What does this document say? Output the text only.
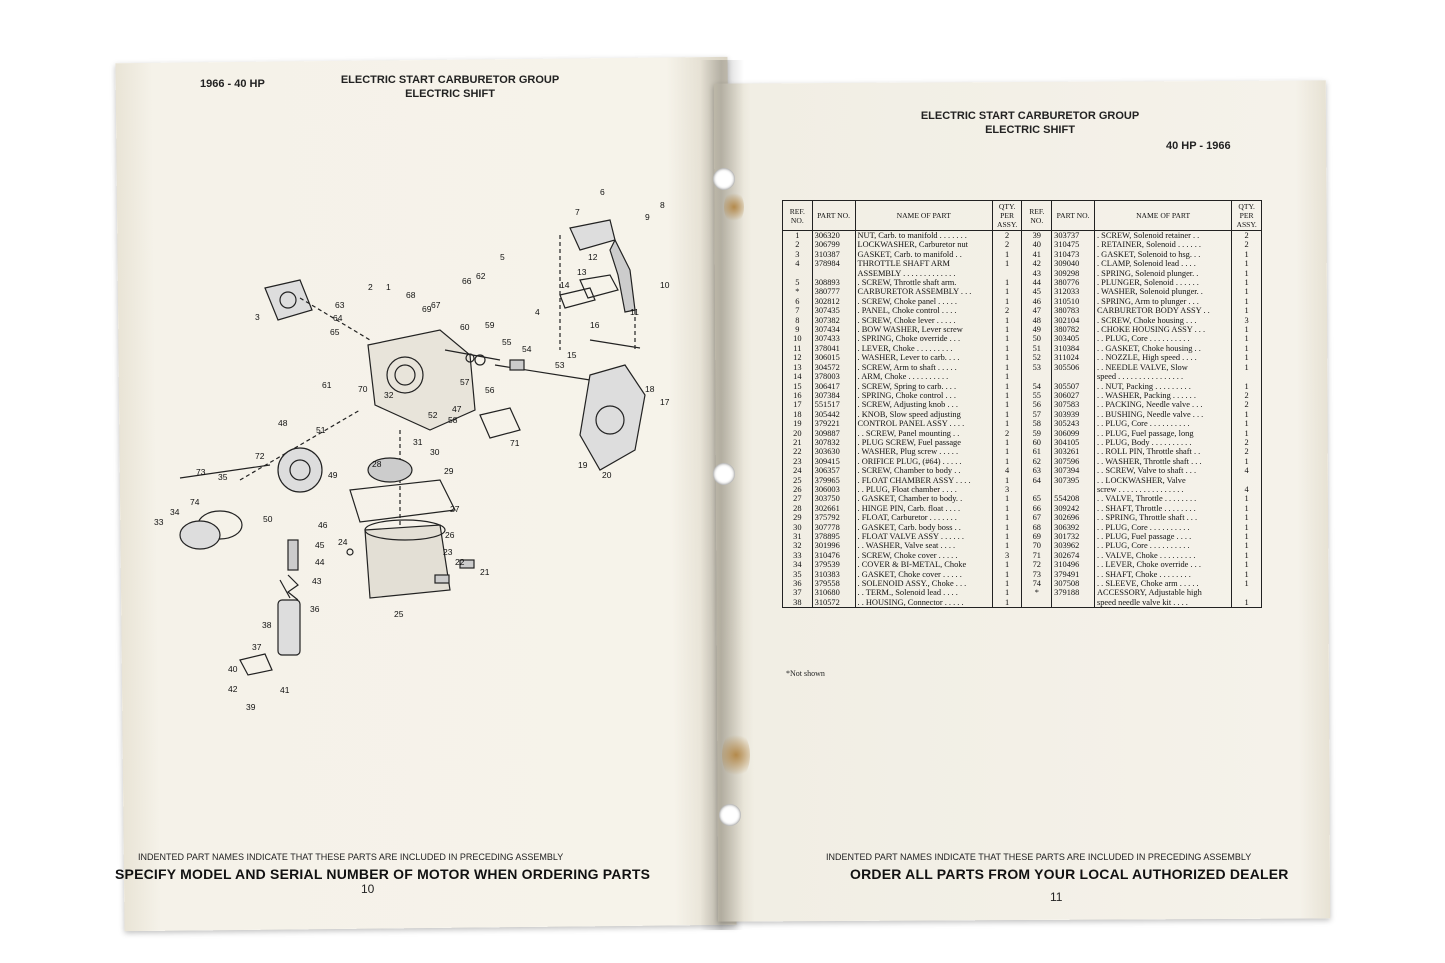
1966 - 40 HP	ELECTRIC START CARBURETOR GROUP
ELECTRIC SHIFT
1
2
3	4
5
6
7
8
9
10
11
12
13
14
15
16
17
18
19
20
21
22
23
24
25
26
27
28
29
30
31
32
33
34
35
36
37
38
39
40
41
42
43
44
45
46
47
48
49
50
51
52
53
54
55
56
57
58
59
60
61
62
63
64
65
66
67
68
69
70
71
72
73
74
INDENTED PART NAMES INDICATE THAT THESE PARTS ARE INCLUDED IN PRECEDING ASSEMBLY
SPECIFY MODEL AND SERIAL NUMBER OF MOTOR WHEN ORDERING PARTS
10
ELECTRIC START CARBURETOR GROUP
ELECTRIC SHIFT
40 HP - 1966
REF. NO.	PART NO.	NAME OF PART	QTY. PER ASSY.	REF. NO.	PART NO.	NAME OF PART	QTY. PER ASSY.
1	306320	NUT, Carb. to manifold . . . . . . .	2	39	303737	. SCREW, Solenoid retainer . .	2
2	306799	LOCKWASHER, Carburetor nut	2	40	310475	. RETAINER, Solenoid . . . . . .	2
3	310387	GASKET, Carb. to manifold . .	1	41	310473	. GASKET, Solenoid to hsg. . .	1
4	378984	THROTTLE SHAFT ARM	1	42	309040	. CLAMP, Solenoid lead . . . .	1
		ASSEMBLY . . . . . . . . . . . . .		43	309298	. SPRING, Solenoid plunger. .	1
5	308893	. SCREW, Throttle shaft arm.	1	44	380776	. PLUNGER, Solenoid . . . . . .	1
*	380777	CARBURETOR ASSEMBLY . . .	1	45	312033	. WASHER, Solenoid plunger. .	1
6	302812	. SCREW, Choke panel . . . . .	1	46	310510	. SPRING, Arm to plunger . . .	1
7	307435	. PANEL, Choke control . . . .	2	47	380783	CARBURETOR BODY ASSY . .	1
8	307382	. SCREW, Choke lever . . . . .	1	48	302104	. SCREW, Choke housing . . .	3
9	307434	. BOW WASHER, Lever screw	1	49	380782	. CHOKE HOUSING ASSY . . .	1
10	307433	. SPRING, Choke override . . .	1	50	303405	. . PLUG, Core . . . . . . . . . .	1
11	378041	. LEVER, Choke . . . . . . . . .	1	51	310384	. . GASKET, Choke housing . .	1
12	306015	. WASHER, Lever to carb. . . .	1	52	311024	. . NOZZLE, High speed . . . .	1
13	304572	. SCREW, Arm to shaft . . . . .	1	53	305506	. . NEEDLE VALVE, Slow	1
14	378003	. ARM, Choke . . . . . . . . . .	1			speed . . . . . . . . . . . . . . . .	
15	306417	. SCREW, Spring to carb. . . .	1	54	305507	. . NUT, Packing . . . . . . . . .	1
16	307384	. SPRING, Choke control . . .	1	55	306027	. . WASHER, Packing . . . . . .	2
17	551517	. SCREW, Adjusting knob . . .	1	56	307583	. . PACKING, Needle valve . . .	2
18	305442	. KNOB, Slow speed adjusting	1	57	303939	. . BUSHING, Needle valve . . .	1
19	379221	CONTROL PANEL ASSY . . . .	1	58	305243	. . PLUG, Core . . . . . . . . . .	1
20	309887	. . SCREW, Panel mounting . .	2	59	306099	. . PLUG, Fuel passage, long	1
21	307832	. PLUG SCREW, Fuel passage	1	60	304105	. . PLUG, Body . . . . . . . . . .	2
22	303630	. WASHER, Plug screw . . . . .	1	61	303261	. . ROLL PIN, Throttle shaft . .	2
23	309415	. ORIFICE PLUG, (#64) . . . . .	1	62	307596	. . WASHER, Throttle shaft . . .	1
24	306357	. SCREW, Chamber to body . .	4	63	307394	. . SCREW, Valve to shaft . . .	4
25	379965	. FLOAT CHAMBER ASSY . . . .	1	64	307395	. . LOCKWASHER, Valve	
26	306003	. . PLUG, Float chamber . . . .	3			screw . . . . . . . . . . . . . . . .	4
27	303750	. GASKET, Chamber to body. .	1	65	554208	. . VALVE, Throttle . . . . . . . .	1
28	302661	. HINGE PIN, Carb. float . . . .	1	66	309242	. . SHAFT, Throttle . . . . . . . .	1
29	375792	. FLOAT, Carburetor . . . . . . .	1	67	302696	. . SPRING, Throttle shaft . . .	1
30	307778	. GASKET, Carb. body boss . .	1	68	306392	. . PLUG, Core . . . . . . . . . .	1
31	378895	. FLOAT VALVE ASSY . . . . . .	1	69	301732	. . PLUG, Fuel passage . . . .	1
32	301996	. . WASHER, Valve seat . . . .	1	70	303962	. . PLUG, Core . . . . . . . . . .	1
33	310476	. SCREW, Choke cover . . . . .	3	71	302674	. . VALVE, Choke . . . . . . . . .	1
34	379539	. COVER & BI-METAL, Choke	1	72	310496	. . LEVER, Choke override . . .	1
35	310383	. GASKET, Choke cover . . . . .	1	73	379491	. . SHAFT, Choke . . . . . . . .	1
36	379558	. SOLENOID ASSY., Choke . . .	1	74	307508	. . SLEEVE, Choke arm . . . . .	1
37	310680	. . TERM., Solenoid lead . . . .	1	*	379188	ACCESSORY, Adjustable high	
38	310572	. . HOUSING, Connector . . . . .	1			speed needle valve kit . . . .	1
*Not shown
INDENTED PART NAMES INDICATE THAT THESE PARTS ARE INCLUDED IN PRECEDING ASSEMBLY
ORDER ALL PARTS FROM YOUR LOCAL AUTHORIZED DEALER
11
